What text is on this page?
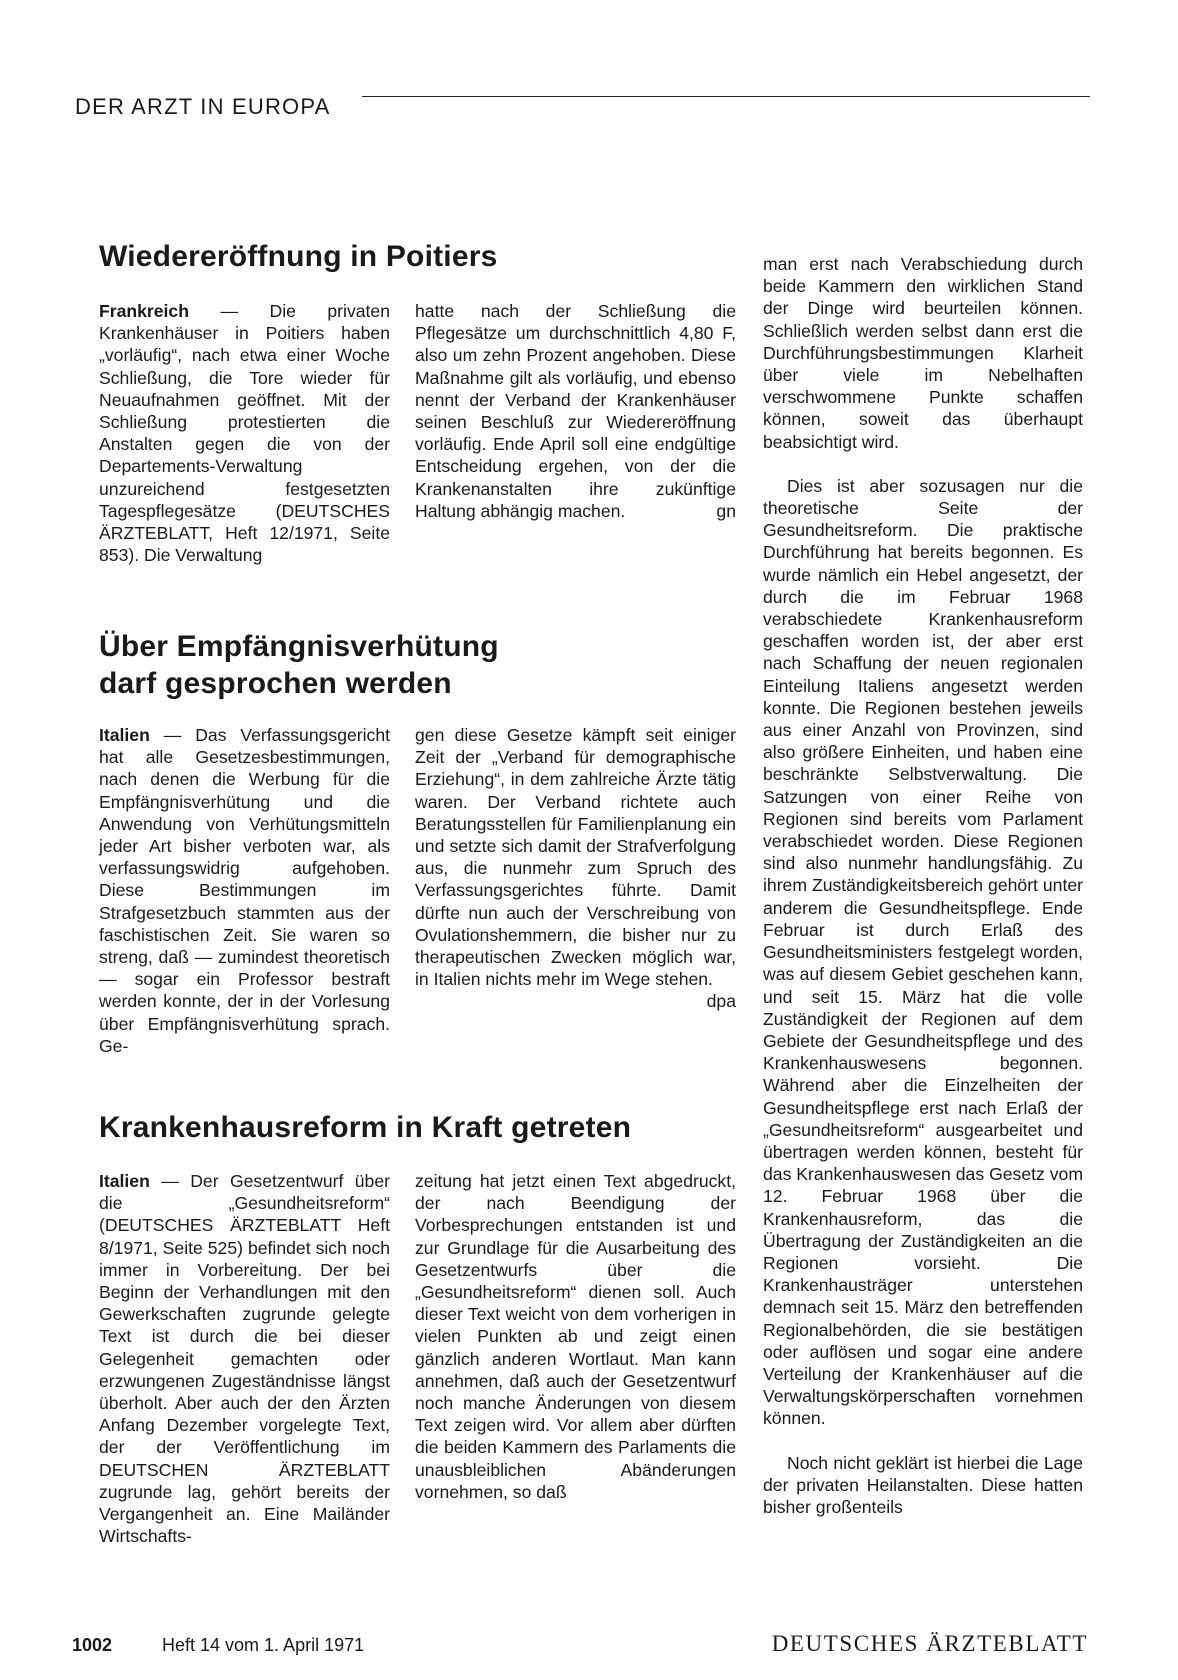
DER ARZT IN EUROPA
Wiedereröffnung in Poitiers

Frankreich — Die privaten Krankenhäuser in Poitiers haben „vorläufig“, nach etwa einer Woche Schließung, die Tore wieder für Neuaufnahmen geöffnet. Mit der Schließung protestierten die Anstalten gegen die von der Departements-Verwaltung unzureichend festgesetzten Tagespflegesätze (DEUTSCHES ÄRZTEBLATT, Heft 12/1971, Seite 853). Die Verwaltung

hatte nach der Schließung die Pflegesätze um durchschnittlich 4,80 F, also um zehn Prozent angehoben. Diese Maßnahme gilt als vorläufig, und ebenso nennt der Verband der Krankenhäuser seinen Beschluß zur Wiedereröffnung vorläufig. Ende April soll eine endgültige Entscheidung ergehen, von der die Krankenanstalten ihre zukünftige Haltung abhängig machen.	gn

Über Empfängnisverhütung
darf gesprochen werden

Italien — Das Verfassungsgericht hat alle Gesetzesbestimmungen, nach denen die Werbung für die Empfängnisverhütung und die Anwendung von Verhütungsmitteln jeder Art bisher verboten war, als verfassungswidrig aufgehoben. Diese Bestimmungen im Strafgesetzbuch stammten aus der faschistischen Zeit. Sie waren so streng, daß — zumindest theoretisch — sogar ein Professor bestraft werden konnte, der in der Vorlesung über Empfängnisverhütung sprach. Ge-

gen diese Gesetze kämpft seit einiger Zeit der „Verband für demographische Erziehung“, in dem zahlreiche Ärzte tätig waren. Der Verband richtete auch Beratungsstellen für Familienplanung ein und setzte sich damit der Strafverfolgung aus, die nunmehr zum Spruch des Verfassungsgerichtes führte. Damit dürfte nun auch der Verschreibung von Ovulationshemmern, die bisher nur zu therapeutischen Zwecken möglich war, in Italien nichts mehr im Wege stehen.
dpa

Krankenhausreform in Kraft getreten

Italien — Der Gesetzentwurf über die „Gesundheitsreform“ (DEUTSCHES ÄRZTEBLATT Heft 8/1971, Seite 525) befindet sich noch immer in Vorbereitung. Der bei Beginn der Verhandlungen mit den Gewerkschaften zugrunde gelegte Text ist durch die bei dieser Gelegenheit gemachten oder erzwungenen Zugeständnisse längst überholt. Aber auch der den Ärzten Anfang Dezember vorgelegte Text, der der Veröffentlichung im DEUTSCHEN ÄRZTEBLATT zugrunde lag, gehört bereits der Vergangenheit an. Eine Mailänder Wirtschafts-

zeitung hat jetzt einen Text abgedruckt, der nach Beendigung der Vorbesprechungen entstanden ist und zur Grundlage für die Ausarbeitung des Gesetzentwurfs über die „Gesundheitsreform“ dienen soll. Auch dieser Text weicht von dem vorherigen in vielen Punkten ab und zeigt einen gänzlich anderen Wortlaut. Man kann annehmen, daß auch der Gesetzentwurf noch manche Änderungen von diesem Text zeigen wird. Vor allem aber dürften die beiden Kammern des Parlaments die unausbleiblichen Abänderungen vornehmen, so daß

man erst nach Verabschiedung durch beide Kammern den wirklichen Stand der Dinge wird beurteilen können. Schließlich werden selbst dann erst die Durchführungsbestimmungen Klarheit über viele im Nebelhaften verschwommene Punkte schaffen können, soweit das überhaupt beabsichtigt wird.

Dies ist aber sozusagen nur die theoretische Seite der Gesundheitsreform. Die praktische Durchführung hat bereits begonnen. Es wurde nämlich ein Hebel angesetzt, der durch die im Februar 1968 verabschiedete Krankenhausreform geschaffen worden ist, der aber erst nach Schaffung der neuen regionalen Einteilung Italiens angesetzt werden konnte. Die Regionen bestehen jeweils aus einer Anzahl von Provinzen, sind also größere Einheiten, und haben eine beschränkte Selbstverwaltung. Die Satzungen von einer Reihe von Regionen sind bereits vom Parlament verabschiedet worden. Diese Regionen sind also nunmehr handlungsfähig. Zu ihrem Zuständigkeitsbereich gehört unter anderem die Gesundheitspflege. Ende Februar ist durch Erlaß des Gesundheitsministers festgelegt worden, was auf diesem Gebiet geschehen kann, und seit 15. März hat die volle Zuständigkeit der Regionen auf dem Gebiete der Gesundheitspflege und des Krankenhauswesens begonnen. Während aber die Einzelheiten der Gesundheitspflege erst nach Erlaß der „Gesundheitsreform“ ausgearbeitet und übertragen werden können, besteht für das Krankenhauswesen das Gesetz vom 12. Februar 1968 über die Krankenhausreform, das die Übertragung der Zuständigkeiten an die Regionen vorsieht. Die Krankenhausträger unterstehen demnach seit 15. März den betreffenden Regionalbehörden, die sie bestätigen oder auflösen und sogar eine andere Verteilung der Krankenhäuser auf die Verwaltungskörperschaften vornehmen können.

Noch nicht geklärt ist hierbei die Lage der privaten Heilanstalten. Diese hatten bisher großenteils

1002	Heft 14 vom 1. April 1971	DEUTSCHES ÄRZTEBLATT
